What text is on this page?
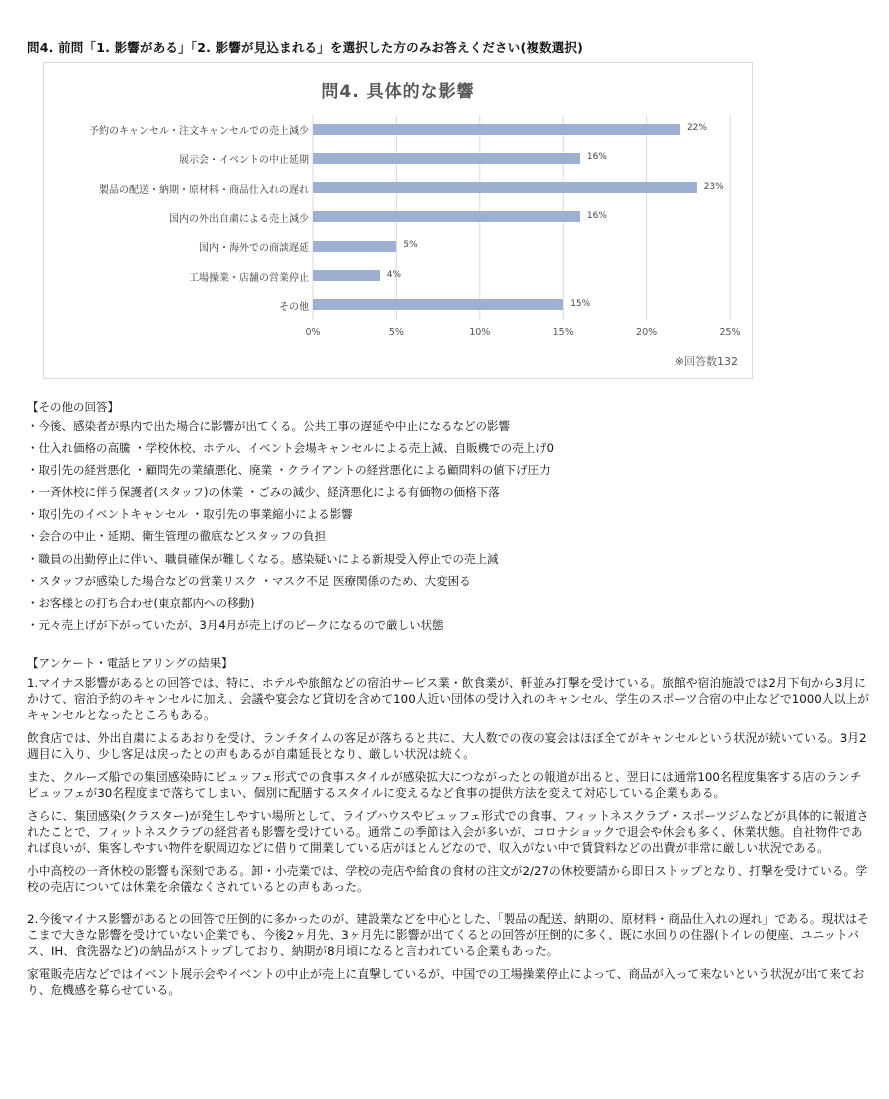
問4. 前問「1. 影響がある」「2. 影響が見込まれる」を選択した方のみお答えください(複数選択)
問4. 具体的な影響
予約のキャンセル・注文キャンセルでの売上減少
展示会・イベントの中止延期
製品の配送・納期・原材料・商品仕入れの遅れ
国内の外出自粛による売上減少
国内・海外での商談遅延
工場操業・店舗の営業停止
その他
22%
16%
23%
16%
5%
4%
15%
0%	5%	10%	15%	20%	25%
※回答数132
【その他の回答】
・今後、感染者が県内で出た場合に影響が出てくる。公共工事の遅延や中止になるなどの影響
・仕入れ価格の高騰 ・学校休校、ホテル、イベント会場キャンセルによる売上減、自販機での売上げ0
・取引先の経営悪化 ・顧問先の業績悪化、廃業 ・クライアントの経営悪化による顧問料の値下げ圧力
・一斉休校に伴う保護者(スタッフ)の休業 ・ごみの減少、経済悪化による有価物の価格下落
・取引先のイベントキャンセル ・取引先の事業縮小による影響
・会合の中止・延期、衛生管理の徹底などスタッフの負担
・職員の出勤停止に伴い、職員確保が難しくなる。感染疑いによる新規受入停止での売上減
・スタッフが感染した場合などの営業リスク ・マスク不足 医療関係のため、大変困る
・お客様との打ち合わせ(東京都内への移動)
・元々売上げが下がっていたが、3月4月が売上げのピークになるので厳しい状態
【アンケート・電話ヒアリングの結果】

1.マイナス影響があるとの回答では、特に、ホテルや旅館などの宿泊サービス業・飲食業が、軒並み打撃を受けている。旅館や宿泊施設では2月下旬から3月にかけて、宿泊予約のキャンセルに加え、会議や宴会など貸切を含めて100人近い団体の受け入れのキャンセル、学生のスポーツ合宿の中止などで1000人以上がキャンセルとなったところもある。

飲食店では、外出自粛によるあおりを受け、ランチタイムの客足が落ちると共に、大人数での夜の宴会はほぼ全てがキャンセルという状況が続いている。3月2週目に入り、少し客足は戻ったとの声もあるが自粛延長となり、厳しい状況は続く。

また、クルーズ船での集団感染時にビュッフェ形式での食事スタイルが感染拡大につながったとの報道が出ると、翌日には通常100名程度集客する店のランチビュッフェが30名程度まで落ちてしまい、個別に配膳するスタイルに変えるなど食事の提供方法を変えて対応している企業もある。

さらに、集団感染(クラスター)が発生しやすい場所として、ライブハウスやビュッフェ形式での食事、フィットネスクラブ・スポーツジムなどが具体的に報道されたことで、フィットネスクラブの経営者も影響を受けている。通常この季節は入会が多いが、コロナショックで退会や休会も多く、休業状態。自社物件であれば良いが、集客しやすい物件を駅周辺などに借りて開業している店がほとんどなので、収入がない中で賃貸料などの出費が非常に厳しい状況である。

小中高校の一斉休校の影響も深刻である。卸・小売業では、学校の売店や給食の食材の注文が2/27の休校要請から即日ストップとなり、打撃を受けている。学校の売店については休業を余儀なくされているとの声もあった。

2.今後マイナス影響があるとの回答で圧倒的に多かったのが、建設業などを中心とした、「製品の配送、納期の、原材料・商品仕入れの遅れ」である。現状はそこまで大きな影響を受けていない企業でも、今後2ヶ月先、3ヶ月先に影響が出てくるとの回答が圧倒的に多く、既に水回りの住器(トイレの便座、ユニットバス、IH、食洗器など)の納品がストップしており、納期が8月頃になると言われている企業もあった。

家電販売店などではイベント展示会やイベントの中止が売上に直撃しているが、中国での工場操業停止によって、商品が入って来ないという状況が出て来ており、危機感を募らせている。
